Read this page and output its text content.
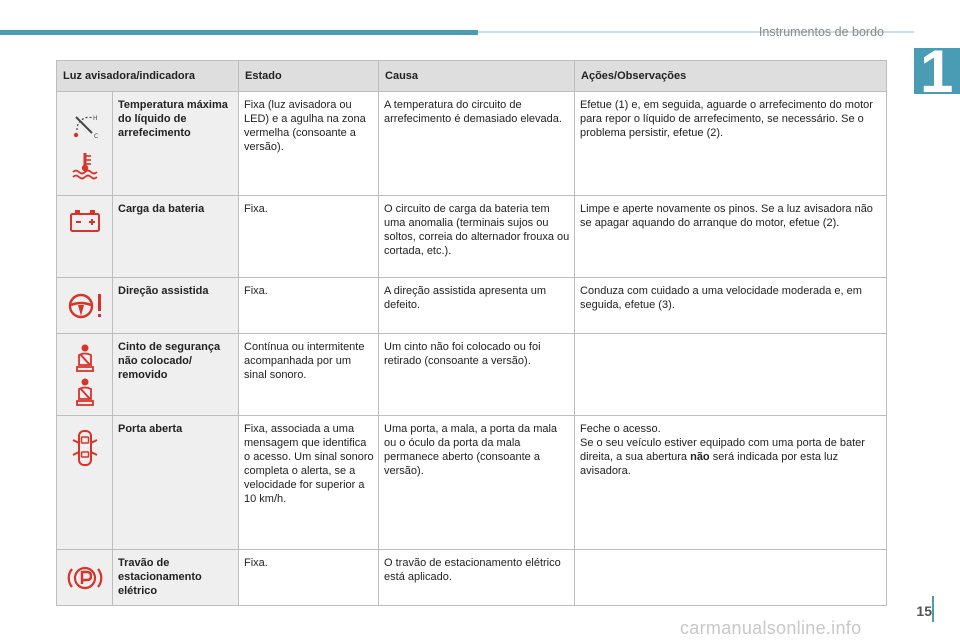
Instrumentos de bordo
1
Luz avisadora/indicadora		Estado	Causa	Ações/Observações

C
H	Temperatura máxima do líquido de arrefecimento	Fixa (luz avisadora ou LED) e a agulha na zona vermelha (consoante a versão).	A temperatura do circuito de arrefecimento é demasiado elevada.	Efetue (1) e, em seguida, aguarde o arrefecimento do motor para repor o líquido de arrefecimento, se necessário. Se o problema persistir, efetue (2).

	Carga da bateria	Fixa.	O circuito de carga da bateria tem uma anomalia (terminais sujos ou soltos, correia do alternador frouxa ou cortada, etc.).	Limpe e aperte novamente os pinos. Se a luz avisadora não se apagar aquando do arranque do motor, efetue (2).

	Direção assistida	Fixa.	A direção assistida apresenta um defeito.	Conduza com cuidado a uma velocidade moderada e, em seguida, efetue (3).

	Cinto de segurança não colocado/ removido	Contínua ou intermitente acompanhada por um sinal sonoro.	Um cinto não foi colocado ou foi retirado (consoante a versão).	

	Porta aberta	Fixa, associada a uma mensagem que identifica o acesso. Um sinal sonoro completa o alerta, se a velocidade for superior a 10 km/h.	Uma porta, a mala, a porta da mala ou o óculo da porta da mala permanece aberto (consoante a versão).	Feche o acesso.
Se o seu veículo estiver equipado com uma porta de bater direita, a sua abertura não será indicada por esta luz avisadora.

	Travão de estacionamento elétrico	Fixa.	O travão de estacionamento elétrico está aplicado.	
15
carmanualsonline.info
